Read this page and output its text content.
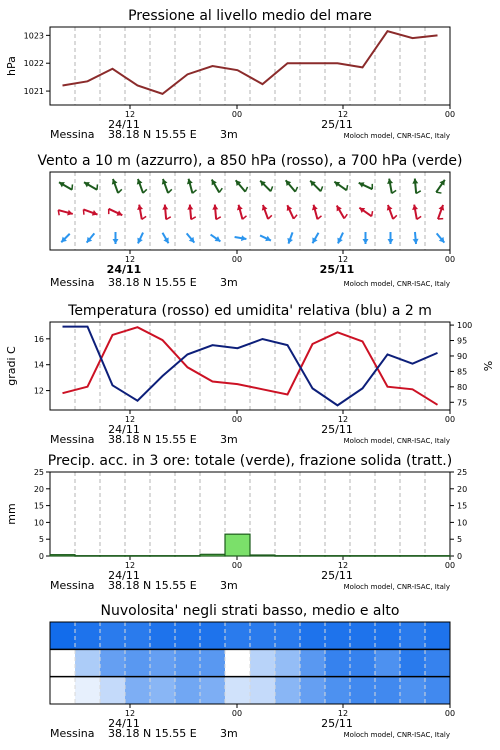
Pressione al livello medio del mare
12	00	12	00
24/11	25/11
Messina 38.18 N 15.55 E 3m	Moloch model, CNR-ISAC, Italy
1021
1022
1023
hPa
Vento a 10 m (azzurro), a 850 hPa (rosso), a 700 hPa (verde)
12	00	12	00
24/11	25/11
Messina 38.18 N 15.55 E 3m	Moloch model, CNR-ISAC, Italy
Temperatura (rosso) ed umidita' relativa (blu) a 2 m
12	00	12	00
24/11	25/11
Messina 38.18 N 15.55 E 3m	Moloch model, CNR-ISAC, Italy
12
14
16
75
80
85
90
95
100
gradi C	%
Precip. acc. in 3 ore: totale (verde), frazione solida (tratt.)
12	00	12	00
24/11	25/11
Messina 38.18 N 15.55 E 3m	Moloch model, CNR-ISAC, Italy
0
5
10
15
20
25
0
5
10
15
20
25
mm
Nuvolosita' negli strati basso, medio e alto
12	00	12	00
24/11	25/11
Messina 38.18 N 15.55 E 3m	Moloch model, CNR-ISAC, Italy
